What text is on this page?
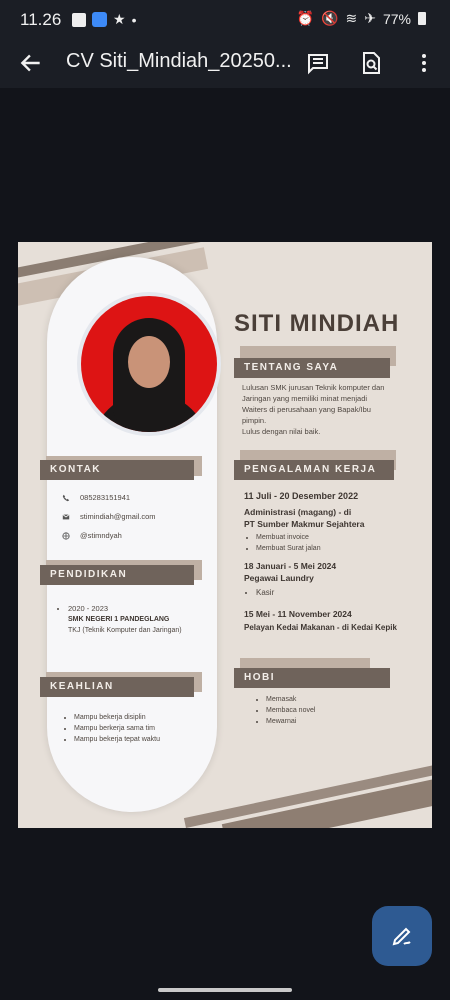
11.26	f	★ •	⏰ 🔇 ≋ ✈ 77%
CV Siti_Mindiah_20250...
SITI MINDIAH
TENTANG SAYA
Lulusan SMK jurusan Teknik komputer dan
Jaringan yang memiliki minat menjadi
Waiters di perusahaan yang Bapak/Ibu
pimpin.
Lulus dengan nilai baik.
KONTAK
085283151941
stimindiah@gmail.com
@stimndyah
PENDIDIKAN
• 2020 - 2023
SMK NEGERI 1 PANDEGLANG
TKJ (Teknik Komputer dan Jaringan)
KEAHLIAN
• Mampu bekerja disiplin
• Mampu berkerja sama tim
• Mampu bekerja tepat waktu
PENGALAMAN KERJA
11 Juli - 20 Desember 2022
Administrasi (magang) - di
PT Sumber Makmur Sejahtera
• Membuat invoice
• Membuat Surat jalan
18 Januari - 5 Mei 2024
Pegawai Laundry
• Kasir
15 Mei - 11 November 2024
Pelayan Kedai Makanan - di Kedai Kepik
HOBI
• Memasak
• Membaca novel
• Mewarnai
